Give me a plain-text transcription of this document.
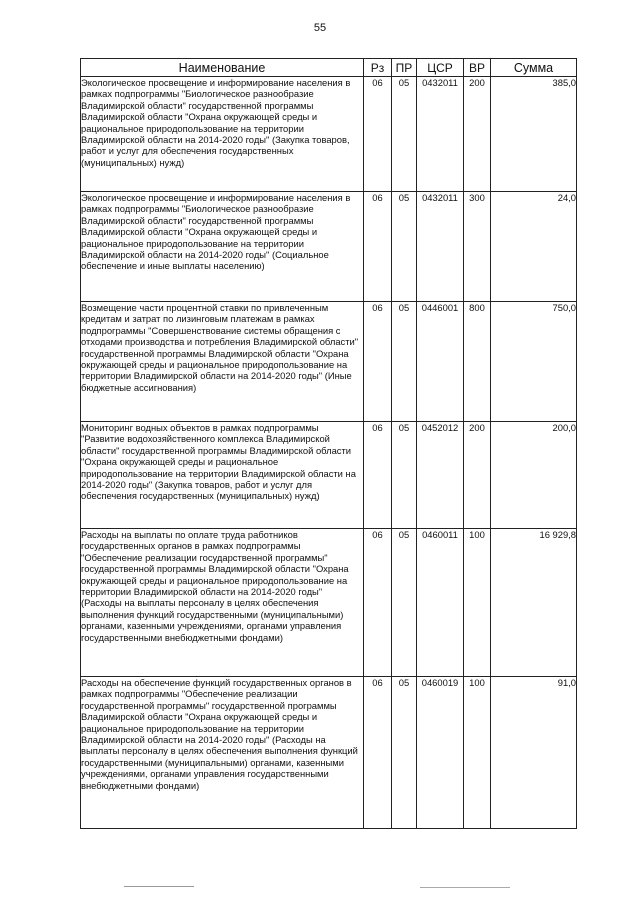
55
Наименование	Рз	ПР	ЦСР	ВР	Сумма
Экологическое просвещение и информирование населения в рамках подпрограммы "Биологическое разнообразие Владимирской области" государственной программы Владимирской области "Охрана окружающей среды и рациональное природопользование на территории Владимирской области на 2014-2020 годы" (Закупка товаров, работ и услуг для обеспечения государственных (муниципальных) нужд)	06	05	0432011	200	385,0
Экологическое просвещение и информирование населения в рамках подпрограммы "Биологическое разнообразие Владимирской области" государственной программы Владимирской области "Охрана окружающей среды и рациональное природопользование на территории Владимирской области на 2014-2020 годы" (Социальное обеспечение и иные выплаты населению)	06	05	0432011	300	24,0
Возмещение части процентной ставки по привлеченным кредитам и затрат по лизинговым платежам в рамках подпрограммы "Совершенствование системы обращения с отходами производства и потребления Владимирской области" государственной программы Владимирской области "Охрана окружающей среды и рациональное природопользование на территории Владимирской области на 2014-2020 годы" (Иные бюджетные ассигнования)	06	05	0446001	800	750,0
Мониторинг водных объектов в рамках подпрограммы "Развитие водохозяйственного комплекса Владимирской области" государственной программы Владимирской области "Охрана окружающей среды и рациональное природопользование на территории Владимирской области на 2014-2020 годы" (Закупка товаров, работ и услуг для обеспечения государственных (муниципальных) нужд)	06	05	0452012	200	200,0
Расходы на выплаты по оплате труда работников государственных органов в рамках подпрограммы "Обеспечение реализации государственной программы" государственной программы Владимирской области "Охрана окружающей среды и рациональное природопользование на территории Владимирской области на 2014-2020 годы" (Расходы на выплаты персоналу в целях обеспечения выполнения функций государственными (муниципальными) органами, казенными учреждениями, органами управления государственными внебюджетными фондами)	06	05	0460011	100	16 929,8
Расходы на обеспечение функций государственных органов в рамках подпрограммы "Обеспечение реализации государственной программы" государственной программы Владимирской области "Охрана окружающей среды и рациональное природопользование на территории Владимирской области на 2014-2020 годы" (Расходы на выплаты персоналу в целях обеспечения выполнения функций государственными (муниципальными) органами, казенными учреждениями, органами управления государственными внебюджетными фондами)	06	05	0460019	100	91,0
